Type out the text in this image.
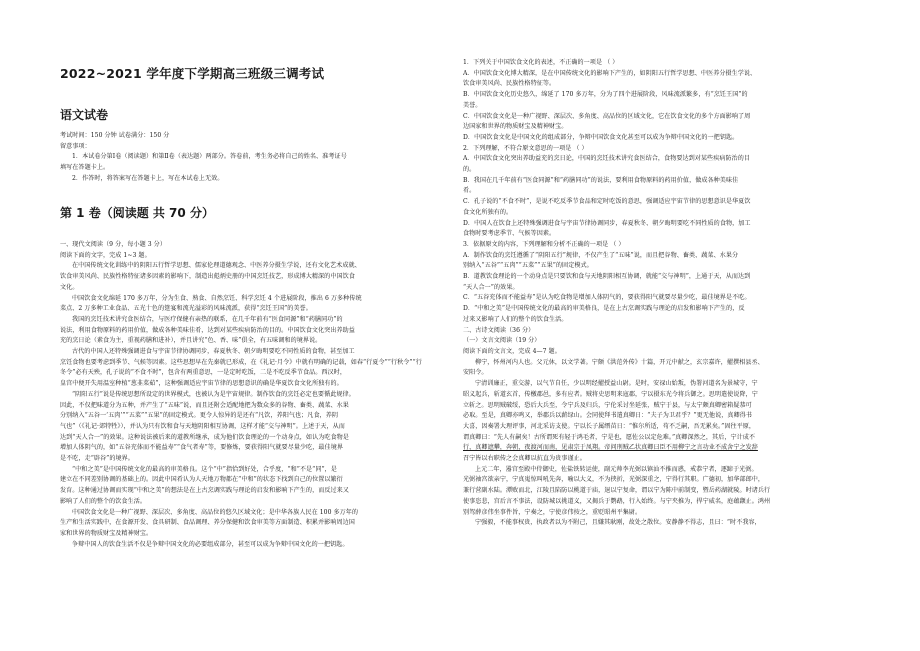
2022~2021 学年度下学期高三班级三调考试
语文试卷

考试时间：150 分钟 试卷满分：150 分

留意事项：

1．本试卷分第Ⅰ卷（阅读题）和第Ⅱ卷（表达题）两部分。答卷前，考生务必将自己的姓名、准考证号

填写在答题卡上。

2．作答时，将答案写在答题卡上，写在本试卷上无效。

第 1 卷（阅读题 共 70 分）

一、现代文阅读（9 分，每小题 3 分）

阅读下面的文字，完成 1~3 题。

在中国传统文化训练中的阴阳五行哲学思想、儒家伦理道德观念、中医养分摄生学说，还有文化艺术成就、

饮食审美风尚、民族性格特征诸多因素的影响下，制造出彪炳史册的中国烹饪技艺，形成博大精深的中国饮食

文化。

中国饮食文化绵延 170 多万年，分为生食、熟食、自然烹饪、科学烹饪 4 个进展阶段，推出 6 万多种传统

菜点、2 万多种工业食品、五光十色的筵宴和流光溢彩的风味流派，获得“烹饪王国”的美誉。

我国的烹饪技术讲究食医结合，与医疗保健有亲热的联系，在几千年前有“医食同源”和“药膳同功”的

说法，利用食物原料的药用价值，做成各种美味佳肴，达到对某些疾病防治的目的。中国饮食文化突出养助益

充的烹日论（素食为主，重视药膳和进补），并且讲究“色、香、味”俱全，有五味调和的境界说。

古代的中国人还特殊强调进食与宇宙节律协调同步，春夏秋冬、朝夕晦明要吃不同性质的食物，甚至加工

烹饪食物也要考虑到季节、气候等因素。这些思想早在先秦就已形成，在《礼记·月令》中就有明确的记载，如春“行夏令”“行秋令”“行

冬令”必有天殃，孔子说的“不食不时”，包含有两重意思，一是定时吃饭，二是不吃反季节食品。西汉时，

皇宫中便开失用温室种植“葱韭菜茹”，这种强调适应宇宙节律的思想意识的确是华夏饮食文化所独有的。

“阴阳五行”说是传统思想所设定的世界模式，也被认为是宇宙规律。制作饮食的烹饪必定也要循此规律。

因此，不仅把味道分为五种，并产生了“五味”说，而且还附会适配地把为数众多的谷物、畜类、蔬菜、水果

分别纳入“五谷一‘五肉’”“五菜”“五果”的固定模式。更令人惊异的是还有“凡饮，养阳气也；凡食，养阴

气也”（《礼记·郊特牲》），并认为只有饮和食与天地阴阳相互协调，这样才能“交与神明”。上述于天，从而

达到“天人合一”的效果。这种说法被后来的道教所继承，成为他们饮食理论的一个动身点，如认为吃食物是

增加人体阴气的，如“五谷充体而不能益寿”“食气者寿”等，要修炼，要获得阳气就要尽量少吃，最佳境界

是不吃，走“辟谷”的境界。

“中和之美”是中国传统文化的最高的审美格良。这个“中”指恰到好处，合乎度，“和”不是“同”，是

建立在不同差别协调的基础上的。因此中国肴认为人天地万物都在“中和”的状态下找到自己的位置以繁衍

发育。这种通过协调而实现“中和之美”的想法是在上古烹调实践与理论的启发和影响下产生的，而反过来又

影响了人们的整个的饮食生活。

中国饮食文化是一种广视野、深层次、多角度、高品位的悠久区域文化；是中华各族人民在 100 多万年的

生产和生活实践中，在食源开发、食具研制、食品调理、养分保健和饮食审美等方面制造、积累并影响周边国

家和世界的物质财宝及精神财宝。

争辩中国人的饮食生活不仅是争辩中国文化的必要组成部分，甚至可以成为争辩中国文化的一把钥匙。

1．下列关于中国饮食文化的表述，不正确的一项是 （ ）

A．中国饮食文化博大精深，是在中国传统文化的影响下产生的，如阴阳五行哲学思想、中医养分摄生学说、

饮食审美风尚、民族性格特征等。

B．中国饮食文化历史悠久，绵延了 170 多万年，分为了四个进展阶段，风味流派繁多，有“烹饪王国”的

美誉。

C．中国饮食文化是一种广视野、深层次、多角度、高品位的区域文化，它在饮食文化的多个方面影响了周

边国家和世界的物质财宝及精神财宝。

D．中国饮食文化是中国文化的组成部分，争辩中国饮食文化甚至可以成为争辩中国文化的一把钥匙。

2．下列理解，不符合原文意思的一项是 （ ）

A．中国饮食文化突出养助益充的烹日论，中国的烹饪技术讲究食医结合，食物要达到对某些疾病防治的目

的。

B．我国在几千年前有“医食同源”和“药膳同功”的说法，要利用食物原料的药用价值，做成各种美味佳

肴。

C．孔子说的“不食不时”，是说不吃反季节食品和定时吃饭的意思，强调适应宇宙节律的思想意识是华夏饮

食文化所独有的。

D．中国人在饮食上还特殊强调进食与宇宙节律协调同步，春夏秋冬、朝夕晦明要吃不同性质的食物，加工

食物时要考虑季节、气候等因素。

3．依据原文的内容，下列理解和分析不正确的一项是 （ ）

A．制作饮食的烹饪遵循了“阴阳五行”规律，不仅产生了“五味”说，而且把谷物、畜类、蔬菜、水果分

别纳入“五谷”“五肉”“五菜”“五果”的固定模式。

B．道教饮食理论的一个动身点是只要饮和食与天地阴阳相互协调，就能“交与神明”，上通于天，从而达到

“天人合一”的效果。

C．“五谷充体而不能益寿”是认为吃食物是增加人体阴气的，要获得阳气就要尽量少吃，最佳境界是不吃。

D．“中和之美”是中国传统文化的最高的审美格良，是在上古烹调实践与理论的启发和影响下产生的，反

过来又影响了人们的整个的饮食生活。

二、古诗文阅读（36 分）

（一）文言文阅读（19 分）

阅读下面的文言文，完成 4—7 题。

柳宁，怀州河内人也。父元休，以文学著。宁颇《洪范外传》十篇，开元中献之，玄宗嘉许，擢撰相县丞、

安阳令。

宁清训廉正，重交游，以气节自任，少以明经擢授益山尉。是时，安禄山始叛，伪署河道名为景城守，宁

昭义起兵，斩道玄首，传檄郡邑，多有应者。贼将史思明来寇郡，宁以摄东光令将兵御之。思明遣使说降，宁

立斩之。思明贼破绥，恐后大兵至，令宁兵及归兵，宁伦采讨坐延张，贼宁于县，与太宁颇真卿密箱疑恭可

必取。至是，真卿亦鸣又，举郡兵以薪绿山。会同使拜书遣真卿日：“夫子为卫君乎？”更无他说，真卿得书

大喜，因奏署大理评事，河北采访支使。宁以长子属缙苗日：“惟尔所适，苟不乏嗣，吾无累矣。”固往平原，

谓真卿曰：“先人有嗣矣！古所谓死有轻于鸿毛者，宁是也，愿佐公以定危难。”真卿深然之，其后，宁计成不

行，真卿遮攀，奔朝，夜渡河而南，见肃宗于凤翔。帝问刑贼乙状真卿曰臣不用柳宁之言功业不成舍宁之发辞

召宁皆以右职传之会真卿以抗直为贵事谨止。

上元二年，嚣宫至殿中侍御史，佐盐铁转运使，副元帅李光弼以镇汕不推而惑，戒恭宁者，逐蹄于光弼。

光弼袖宫欲亲宁，宁真嵬惊叫吼先奔，喻以大义，不为挟折，光弼深重之，宁得行其职。广德初，加华部郎中，

兼行营副水陆。潭败而北，江陵且陷防以桃道于庙，退以宁复命，谓以宁为陈中前制变，暨岳药湖就陵。时诸兵行

使事恣悲，宫后言不事法，设防城以挑道义，又揭兵于鹦鹉，行入始终。与宁夹推为，捍宁威名，庭蕴颛止。鸿州

别驾薛彦伟坐事件旨，宁奏之，宁使彦伟按之，重贬昭州平集尉。

宁强毅，不能事权贵，执政者以为不附己，且嫌其耿刚，故处之散位。安静静不得志，且曰：“时不我容，
